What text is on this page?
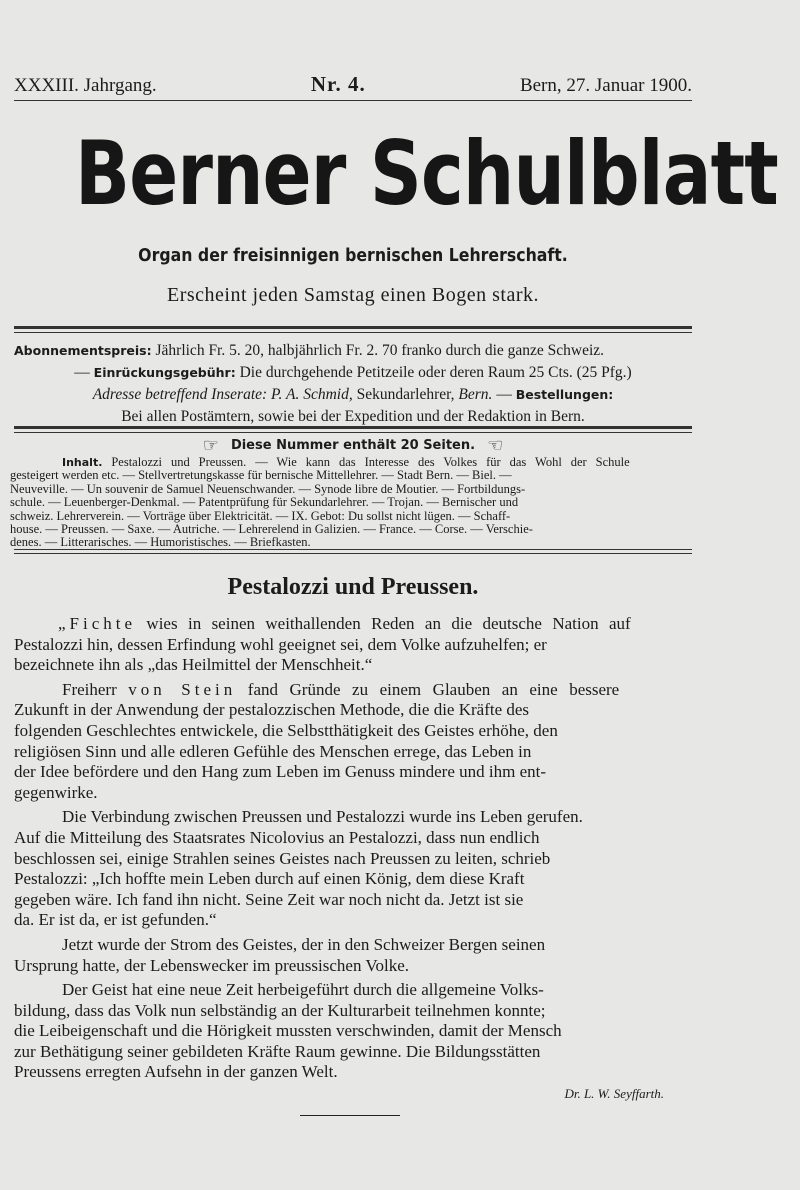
XXXIII. Jahrgang.	Nr. 4.	Bern, 27. Januar 1900.
Berner Schulblatt
Organ der freisinnigen bernischen Lehrerschaft.
Erscheint jeden Samstag einen Bogen stark.
Abonnementspreis: Jährlich Fr. 5. 20, halbjährlich Fr. 2. 70 franko durch die ganze Schweiz.
— Einrückungsgebühr: Die durchgehende Petitzeile oder deren Raum 25 Cts. (25 Pfg.)
Adresse betreffend Inserate: P. A. Schmid, Sekundarlehrer, Bern. — Bestellungen:
Bei allen Postämtern, sowie bei der Expedition und der Redaktion in Bern.
☞ Diese Nummer enthält 20 Seiten. ☜
Inhalt. Pestalozzi und Preussen. — Wie kann das Interesse des Volkes für das Wohl der Schule
gesteigert werden etc. — Stellvertretungskasse für bernische Mittellehrer. — Stadt Bern. — Biel. —
Neuveville. — Un souvenir de Samuel Neuenschwander. — Synode libre de Moutier. — Fortbildungs-
schule. — Leuenberger-Denkmal. — Patentprüfung für Sekundarlehrer. — Trojan. — Bernischer und
schweiz. Lehrerverein. — Vorträge über Elektricität. — IX. Gebot: Du sollst nicht lügen. — Schaff-
house. — Preussen. — Saxe. — Autriche. — Lehrerelend in Galizien. — France. — Corse. — Verschie-
denes. — Litterarisches. — Humoristisches. — Briefkasten.
Pestalozzi und Preussen.
„Fichte wies in seinen weithallenden Reden an die deutsche Nation auf
Pestalozzi hin, dessen Erfindung wohl geeignet sei, dem Volke aufzuhelfen; er
bezeichnete ihn als „das Heilmittel der Menschheit.“
Freiherr von Stein fand Gründe zu einem Glauben an eine bessere
Zukunft in der Anwendung der pestalozzischen Methode, die die Kräfte des
folgenden Geschlechtes entwickele, die Selbstthätigkeit des Geistes erhöhe, den
religiösen Sinn und alle edleren Gefühle des Menschen errege, das Leben in
der Idee befördere und den Hang zum Leben im Genuss mindere und ihm ent-
gegenwirke.
Die Verbindung zwischen Preussen und Pestalozzi wurde ins Leben gerufen.
Auf die Mitteilung des Staatsrates Nicolovius an Pestalozzi, dass nun endlich
beschlossen sei, einige Strahlen seines Geistes nach Preussen zu leiten, schrieb
Pestalozzi: „Ich hoffte mein Leben durch auf einen König, dem diese Kraft
gegeben wäre. Ich fand ihn nicht. Seine Zeit war noch nicht da. Jetzt ist sie
da. Er ist da, er ist gefunden.“
Jetzt wurde der Strom des Geistes, der in den Schweizer Bergen seinen
Ursprung hatte, der Lebenswecker im preussischen Volke.
Der Geist hat eine neue Zeit herbeigeführt durch die allgemeine Volks-
bildung, dass das Volk nun selbständig an der Kulturarbeit teilnehmen konnte;
die Leibeigenschaft und die Hörigkeit mussten verschwinden, damit der Mensch
zur Bethätigung seiner gebildeten Kräfte Raum gewinne. Die Bildungsstätten
Preussens erregten Aufsehn in der ganzen Welt.
Dr. L. W. Seyffarth.
